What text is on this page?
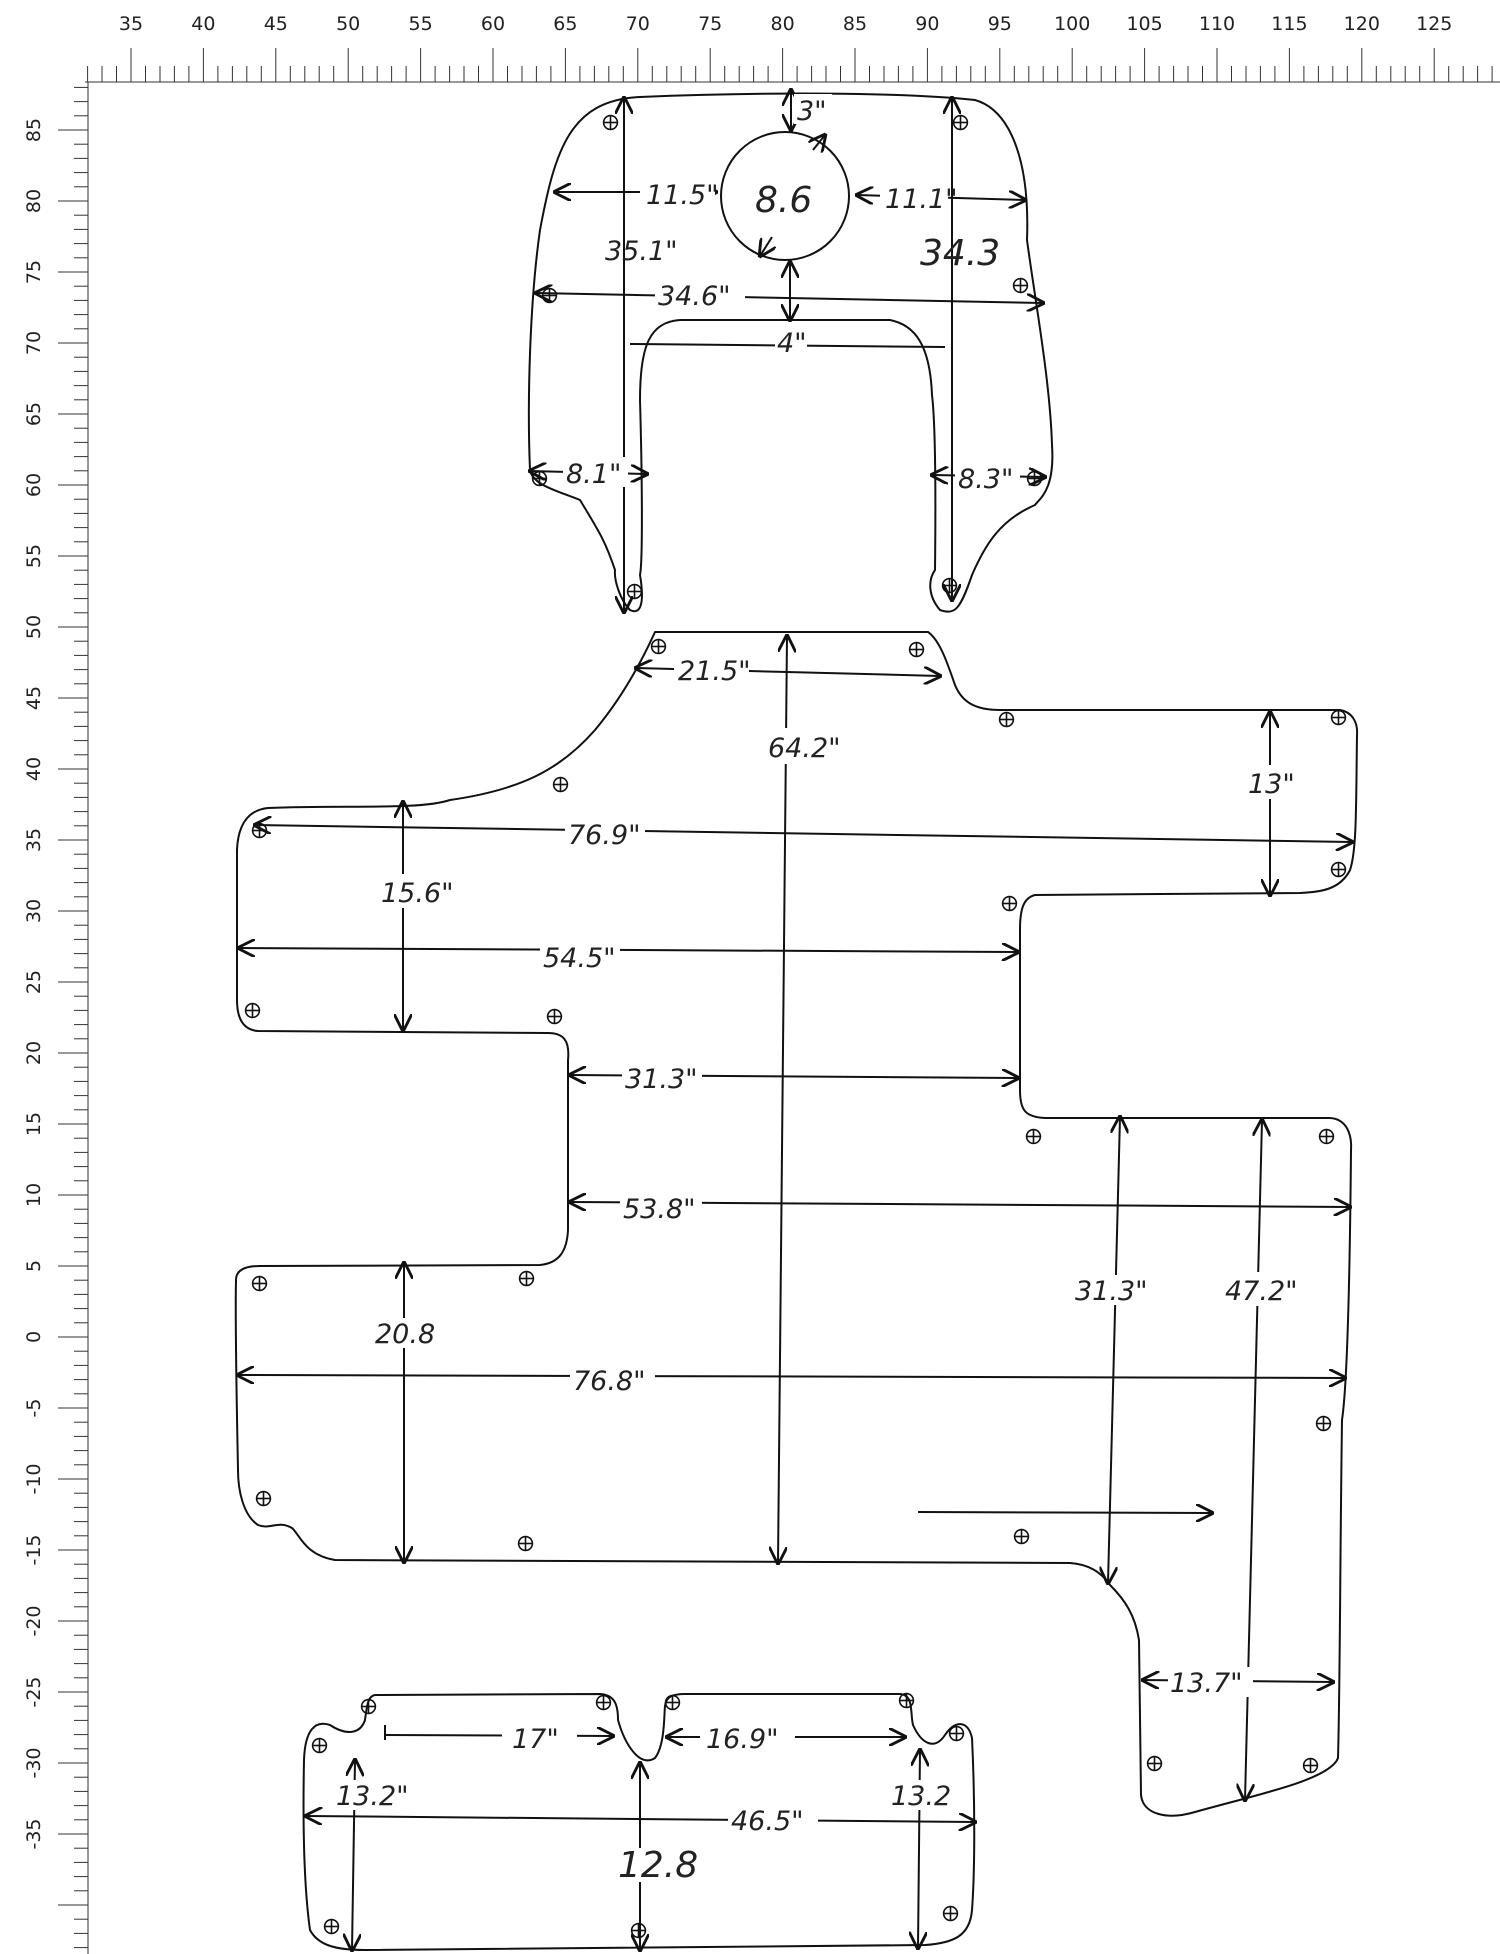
35	40	45	50	55	60	65	70	75	80	85	90	95 100 105 110 115 120 125
85
80
75
70
65
60
55
50
45
40
35
30
25
20
15
10
5
0
-5
-10
-15
-20
-25
-30
-35
3"
11.5" 8.6	11.1"
35.1"	34.3
34.6"
4"
8.1"	8.3"
21.5"
64.2"
13"
76.9"
15.6"
54.5"
31.3"
53.8"
31.3"	47.2"
20.8
76.8"
13.7"
17"	16.9"
13.2"	13.2
46.5"
12.8
